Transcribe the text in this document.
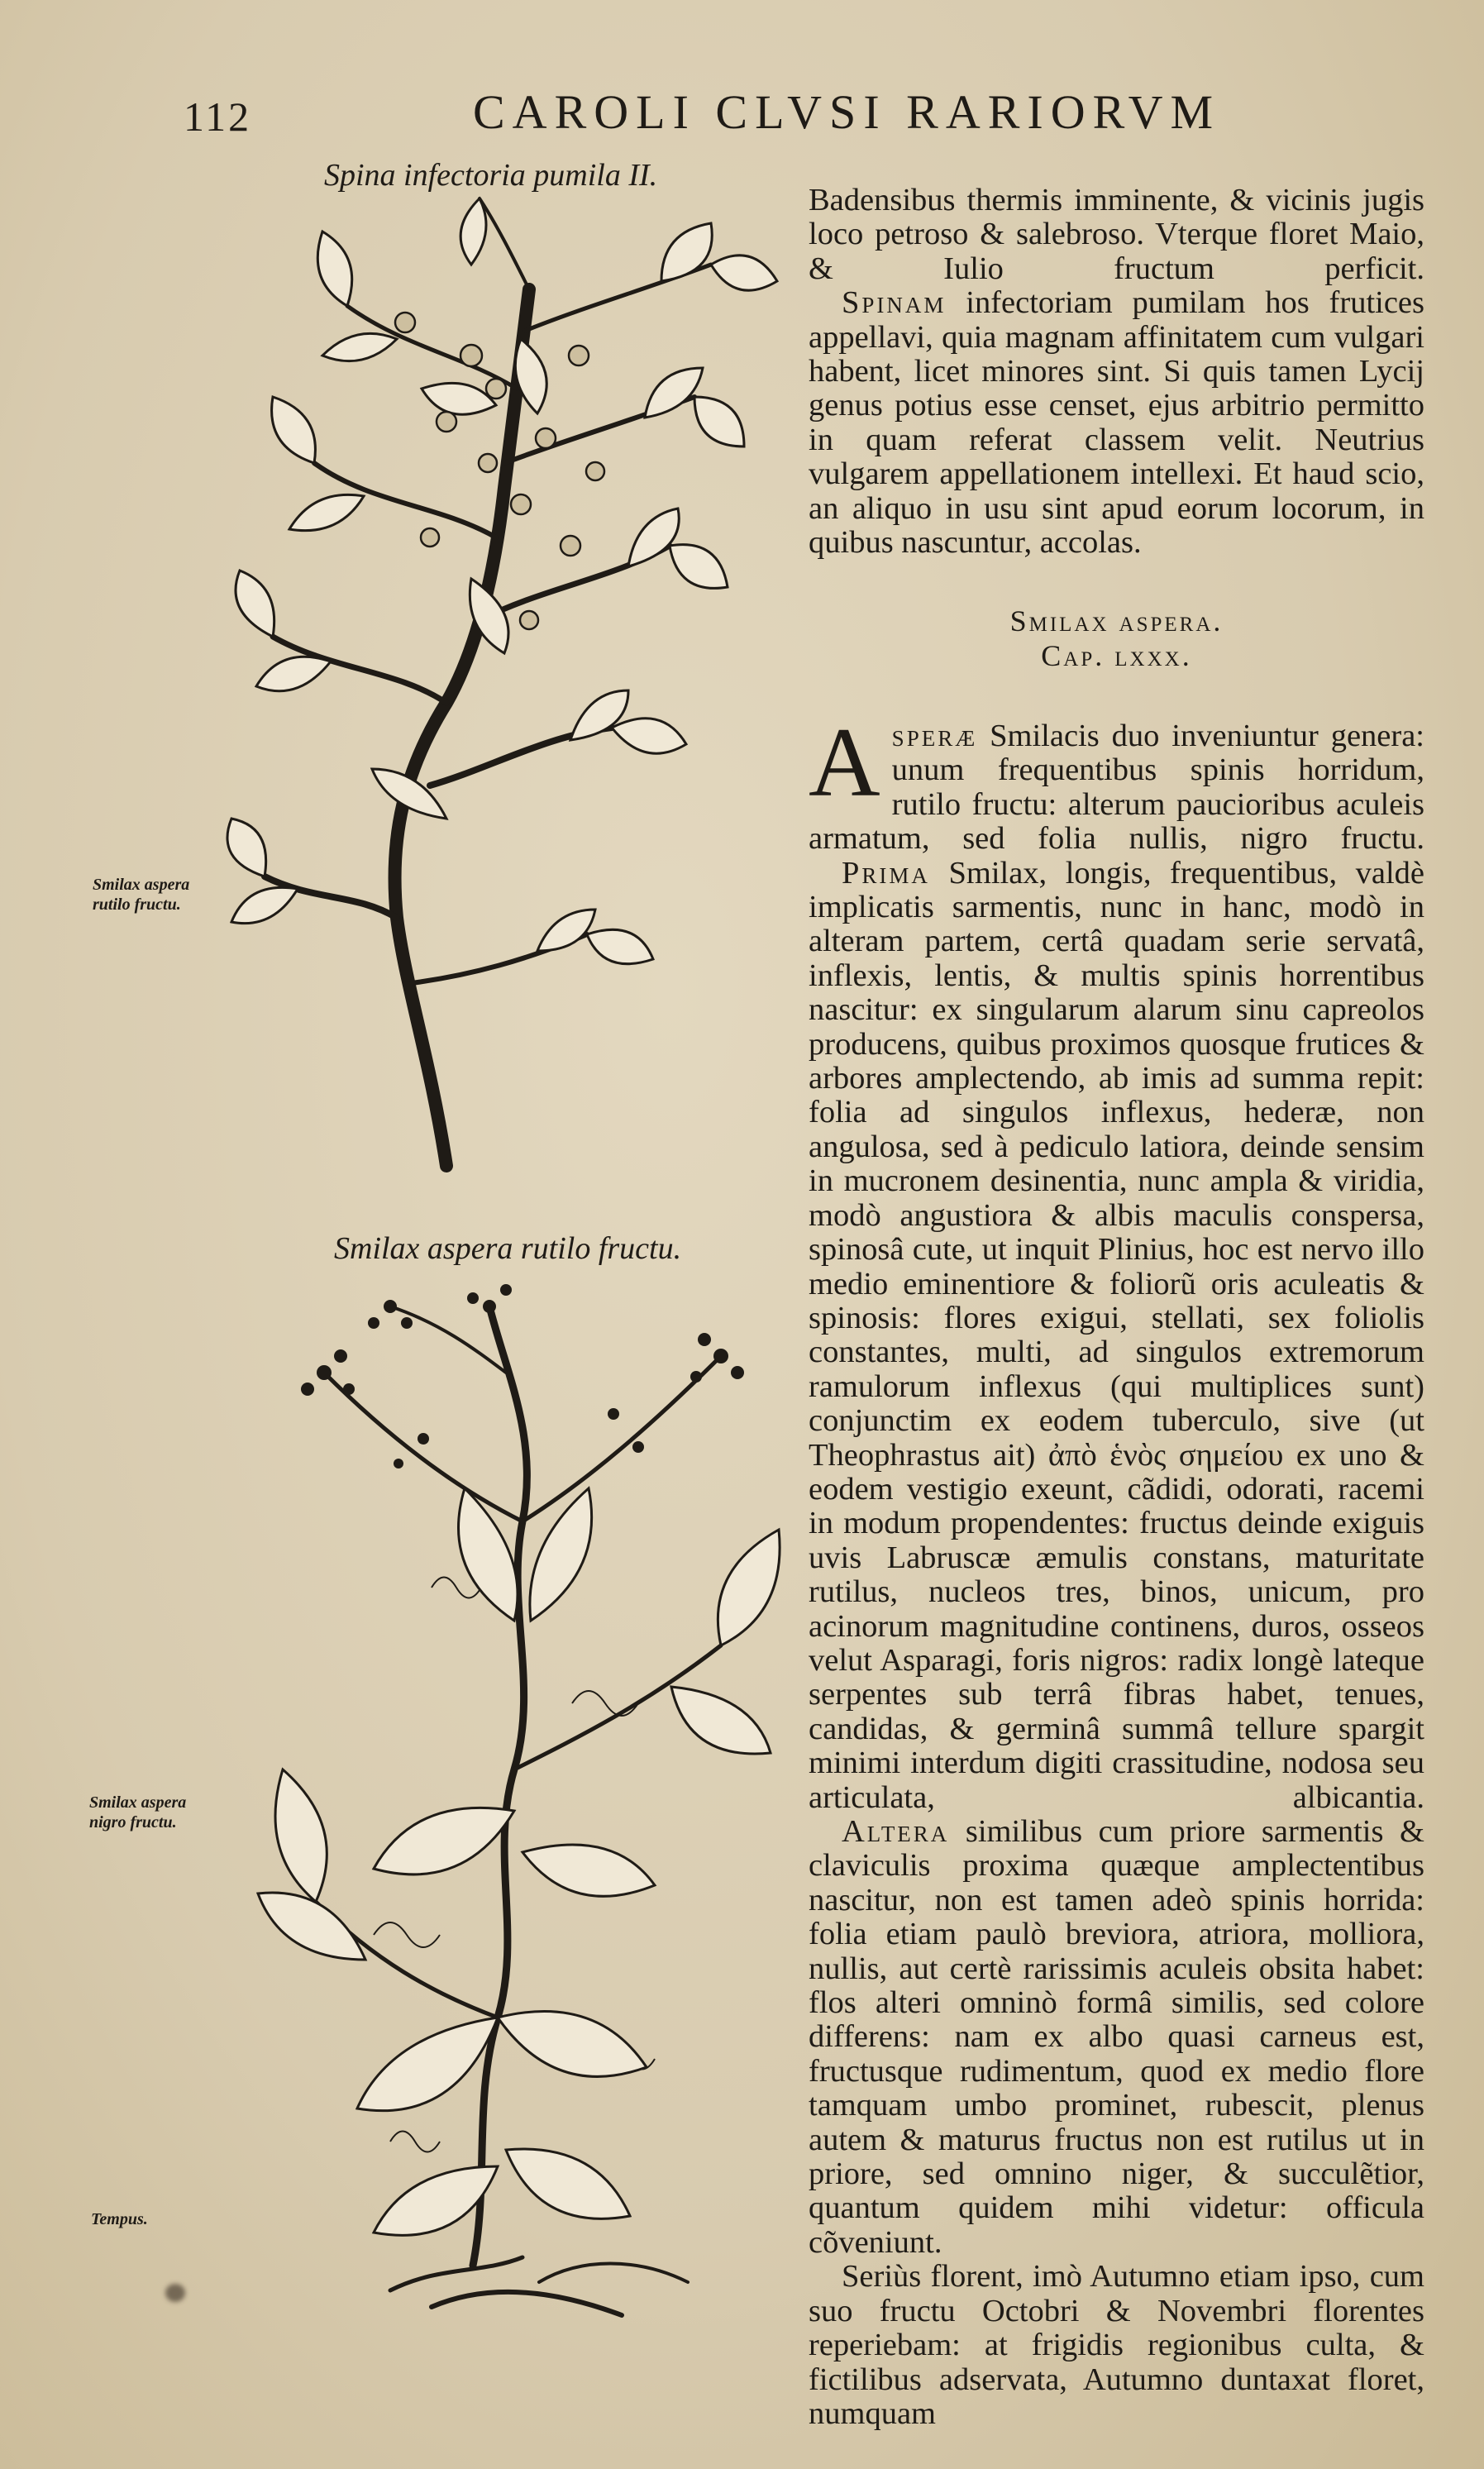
112	CAROLI CLVSI RARIORVM
Spina infectoria pumila II.
Smilax aspera rutilo fructu.
Smilax aspera rutilo fructu.
Smilax aspera nigro fructu.
Tempus.

Badensibus thermis imminente, & vicinis jugis loco petroso & salebroso. Vterque floret Maio, & Iulio fructum perficit.

Spinam infectoriam pumilam hos frutices appellavi, quia magnam affinitatem cum vulgari habent, licet minores sint. Si quis tamen Lycij genus potius esse censet, ejus arbitrio permitto in quam referat classem velit. Neutrius vulgarem appellationem intellexi. Et haud scio, an aliquo in usu sint apud eorum locorum, in quibus nascuntur, accolas.

Smilax aspera.
Cap. lxxx.

Asperæ Smilacis duo inveniuntur genera: unum frequentibus spinis horridum, rutilo fructu: alterum paucioribus aculeis armatum, sed folia nullis, nigro fructu.

Prima Smilax, longis, frequentibus, valdè implicatis sarmentis, nunc in hanc, modò in alteram partem, certâ quadam serie servatâ, inflexis, lentis, & multis spinis horrentibus nascitur: ex singularum alarum sinu capreolos producens, quibus proximos quosque frutices & arbores amplectendo, ab imis ad summa repit: folia ad singulos inflexus, hederæ, non angulosa, sed à pediculo latiora, deinde sensim in mucronem desinentia, nunc ampla & viridia, modò angustiora & albis maculis conspersa, spinosâ cute, ut inquit Plinius, hoc est nervo illo medio eminentiore & foliorũ oris aculeatis & spinosis: flores exigui, stellati, sex foliolis constantes, multi, ad singulos extremorum ramulorum inflexus (qui multiplices sunt) conjunctim ex eodem tuberculo, sive (ut Theophrastus ait) ἀπὸ ἑνὸς σημείου ex uno & eodem vestigio exeunt, cãdidi, odorati, racemi in modum propendentes: fructus deinde exiguis uvis Labruscæ æmulis constans, maturitate rutilus, nucleos tres, binos, unicum, pro acinorum magnitudine continens, duros, osseos velut Asparagi, foris nigros: radix longè lateque serpentes sub terrâ fibras habet, tenues, candidas, & germinâ summâ tellure spargit minimi interdum digiti crassitudine, nodosa seu articulata, albicantia.

Altera similibus cum priore sarmentis & claviculis proxima quæque amplectentibus nascitur, non est tamen adeò spinis horrida: folia etiam paulò breviora, atriora, molliora, nullis, aut certè rarissimis aculeis obsita habet: flos alteri omninò formâ similis, sed colore differens: nam ex albo quasi carneus est, fructusque rudimentum, quod ex medio flore tamquam umbo prominet, rubescit, plenus autem & maturus fructus non est rutilus ut in priore, sed omnino niger, & succulẽtior, quantum quidem mihi videtur: officula cõveniunt.

Seriùs florent, imò Autumno etiam ipso, cum suo fructu Octobri & Novembri florentes reperiebam: at frigidis regionibus culta, & fictilibus adservata, Autumno duntaxat floret, numquam
